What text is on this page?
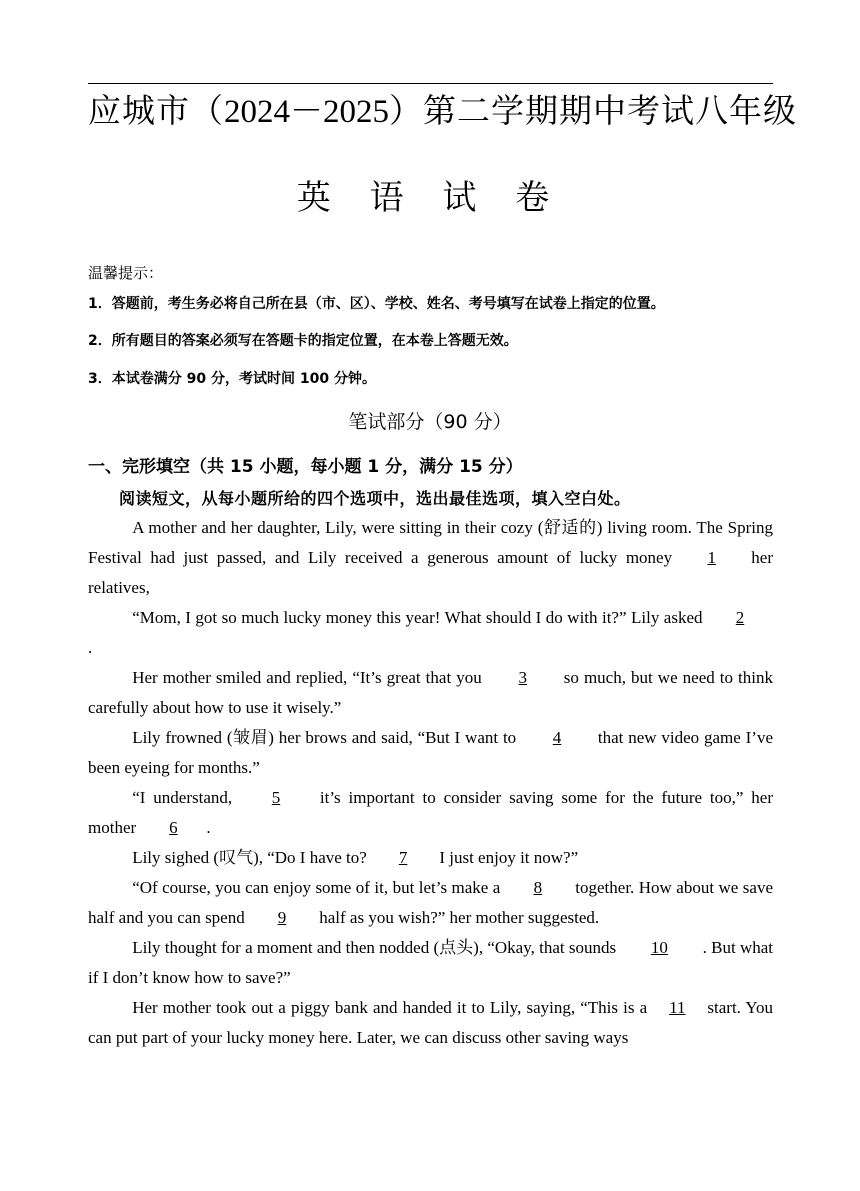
应城市（2024－2025）第二学期期中考试八年级
英 语 试 卷
温馨提示：
1．答题前，考生务必将自己所在县（市、区）、学校、姓名、考号填写在试卷上指定的位置。
2．所有题目的答案必须写在答题卡的指定位置，在本卷上答题无效。
3．本试卷满分 90 分，考试时间 100 分钟。
笔试部分（90 分）
一、完形填空（共 15 小题，每小题 1 分，满分 15 分）
阅读短文，从每小题所给的四个选项中，选出最佳选项，填入空白处。

A mother and her daughter, Lily, were sitting in their cozy (舒适的) living room. The Spring Festival had just passed, and Lily received a generous amount of lucky money 1 her relatives,

“Mom, I got so much lucky money this year! What should I do with it?” Lily asked 2.

Her mother smiled and replied, “It’s great that you 3 so much, but we need to think carefully about how to use it wisely.”

Lily frowned (皱眉) her brows and said, “But I want to 4 that new video game I’ve been eyeing for months.”

“I understand, 5 it’s important to consider saving some for the future too,” her mother 6 .

Lily sighed (叹气), “Do I have to? 7 I just enjoy it now?”

“Of course, you can enjoy some of it, but let’s make a 8 together. How about we save half and you can spend 9 half as you wish?” her mother suggested.

Lily thought for a moment and then nodded (点头), “Okay, that sounds 10 . But what if I don’t know how to save?”

Her mother took out a piggy bank and handed it to Lily, saying, “This is a 11 start. You can put part of your lucky money here. Later, we can discuss other saving ways
